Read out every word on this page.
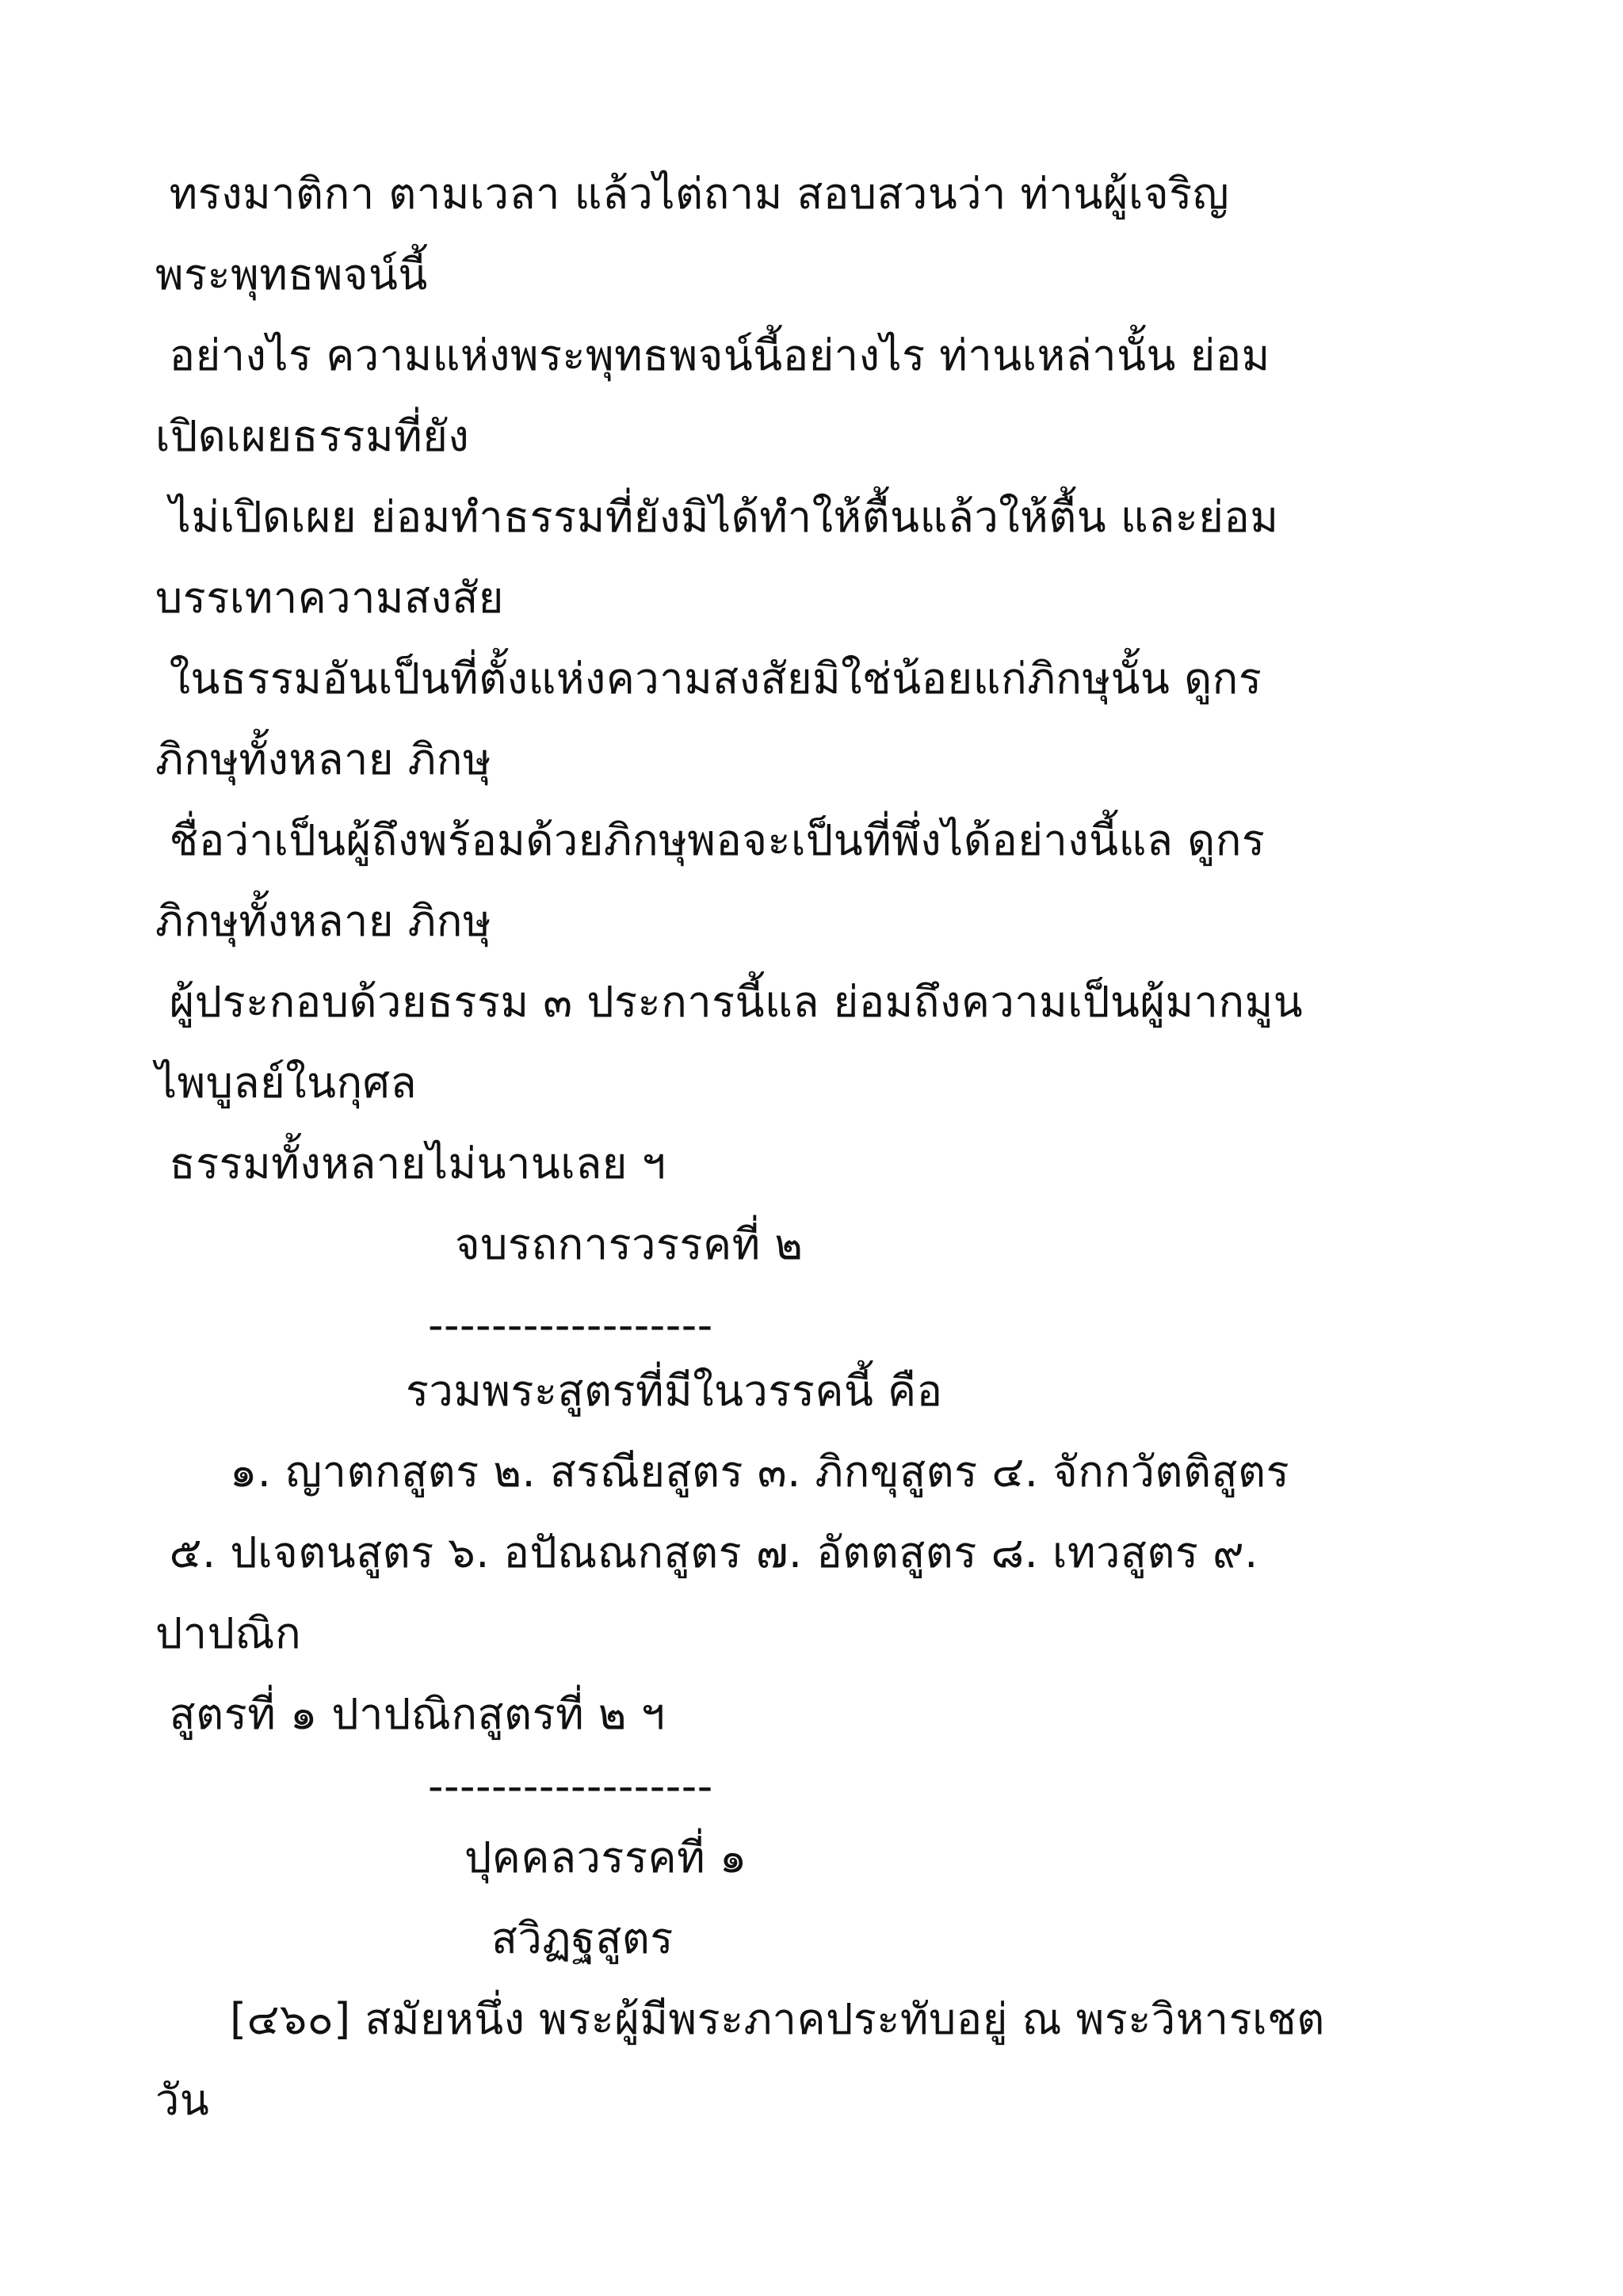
ทรงมาติกา ตามเวลา แล้วไต่ถาม สอบสวนว่า ท่านผู้เจริญ
พระพุทธพจน์นี้
อย่างไร ความแห่งพระพุทธพจน์นี้อย่างไร ท่านเหล่านั้น ย่อม
เปิดเผยธรรมที่ยัง
ไม่เปิดเผย ย่อมทำธรรมที่ยังมิได้ทำให้ตื้นแล้วให้ตื้น และย่อม
บรรเทาความสงสัย
ในธรรมอันเป็นที่ตั้งแห่งความสงสัยมิใช่น้อยแก่ภิกษุนั้น ดูกร
ภิกษุทั้งหลาย ภิกษุ
ชื่อว่าเป็นผู้ถึงพร้อมด้วยภิกษุพอจะเป็นที่พึ่งได้อย่างนี้แล ดูกร
ภิกษุทั้งหลาย ภิกษุ
ผู้ประกอบด้วยธรรม ๓ ประการนี้แล ย่อมถึงความเป็นผู้มากมูน
ไพบูลย์ในกุศล
ธรรมทั้งหลายไม่นานเลย ฯ
จบรถการวรรคที่ ๒
------------------
รวมพระสูตรที่มีในวรรคนี้ คือ
๑. ญาตกสูตร ๒. สรณียสูตร ๓. ภิกขุสูตร ๔. จักกวัตติสูตร
๕. ปเจตนสูตร ๖. อปัณณกสูตร ๗. อัตตสูตร ๘. เทวสูตร ๙.
ปาปณิก
สูตรที่ ๑ ปาปณิกสูตรที่ ๒ ฯ
------------------
ปุคคลวรรคที่ ๑
สวิฏฐสูตร
[๔๖๐] สมัยหนึ่ง พระผู้มีพระภาคประทับอยู่ ณ พระวิหารเชต
วัน
